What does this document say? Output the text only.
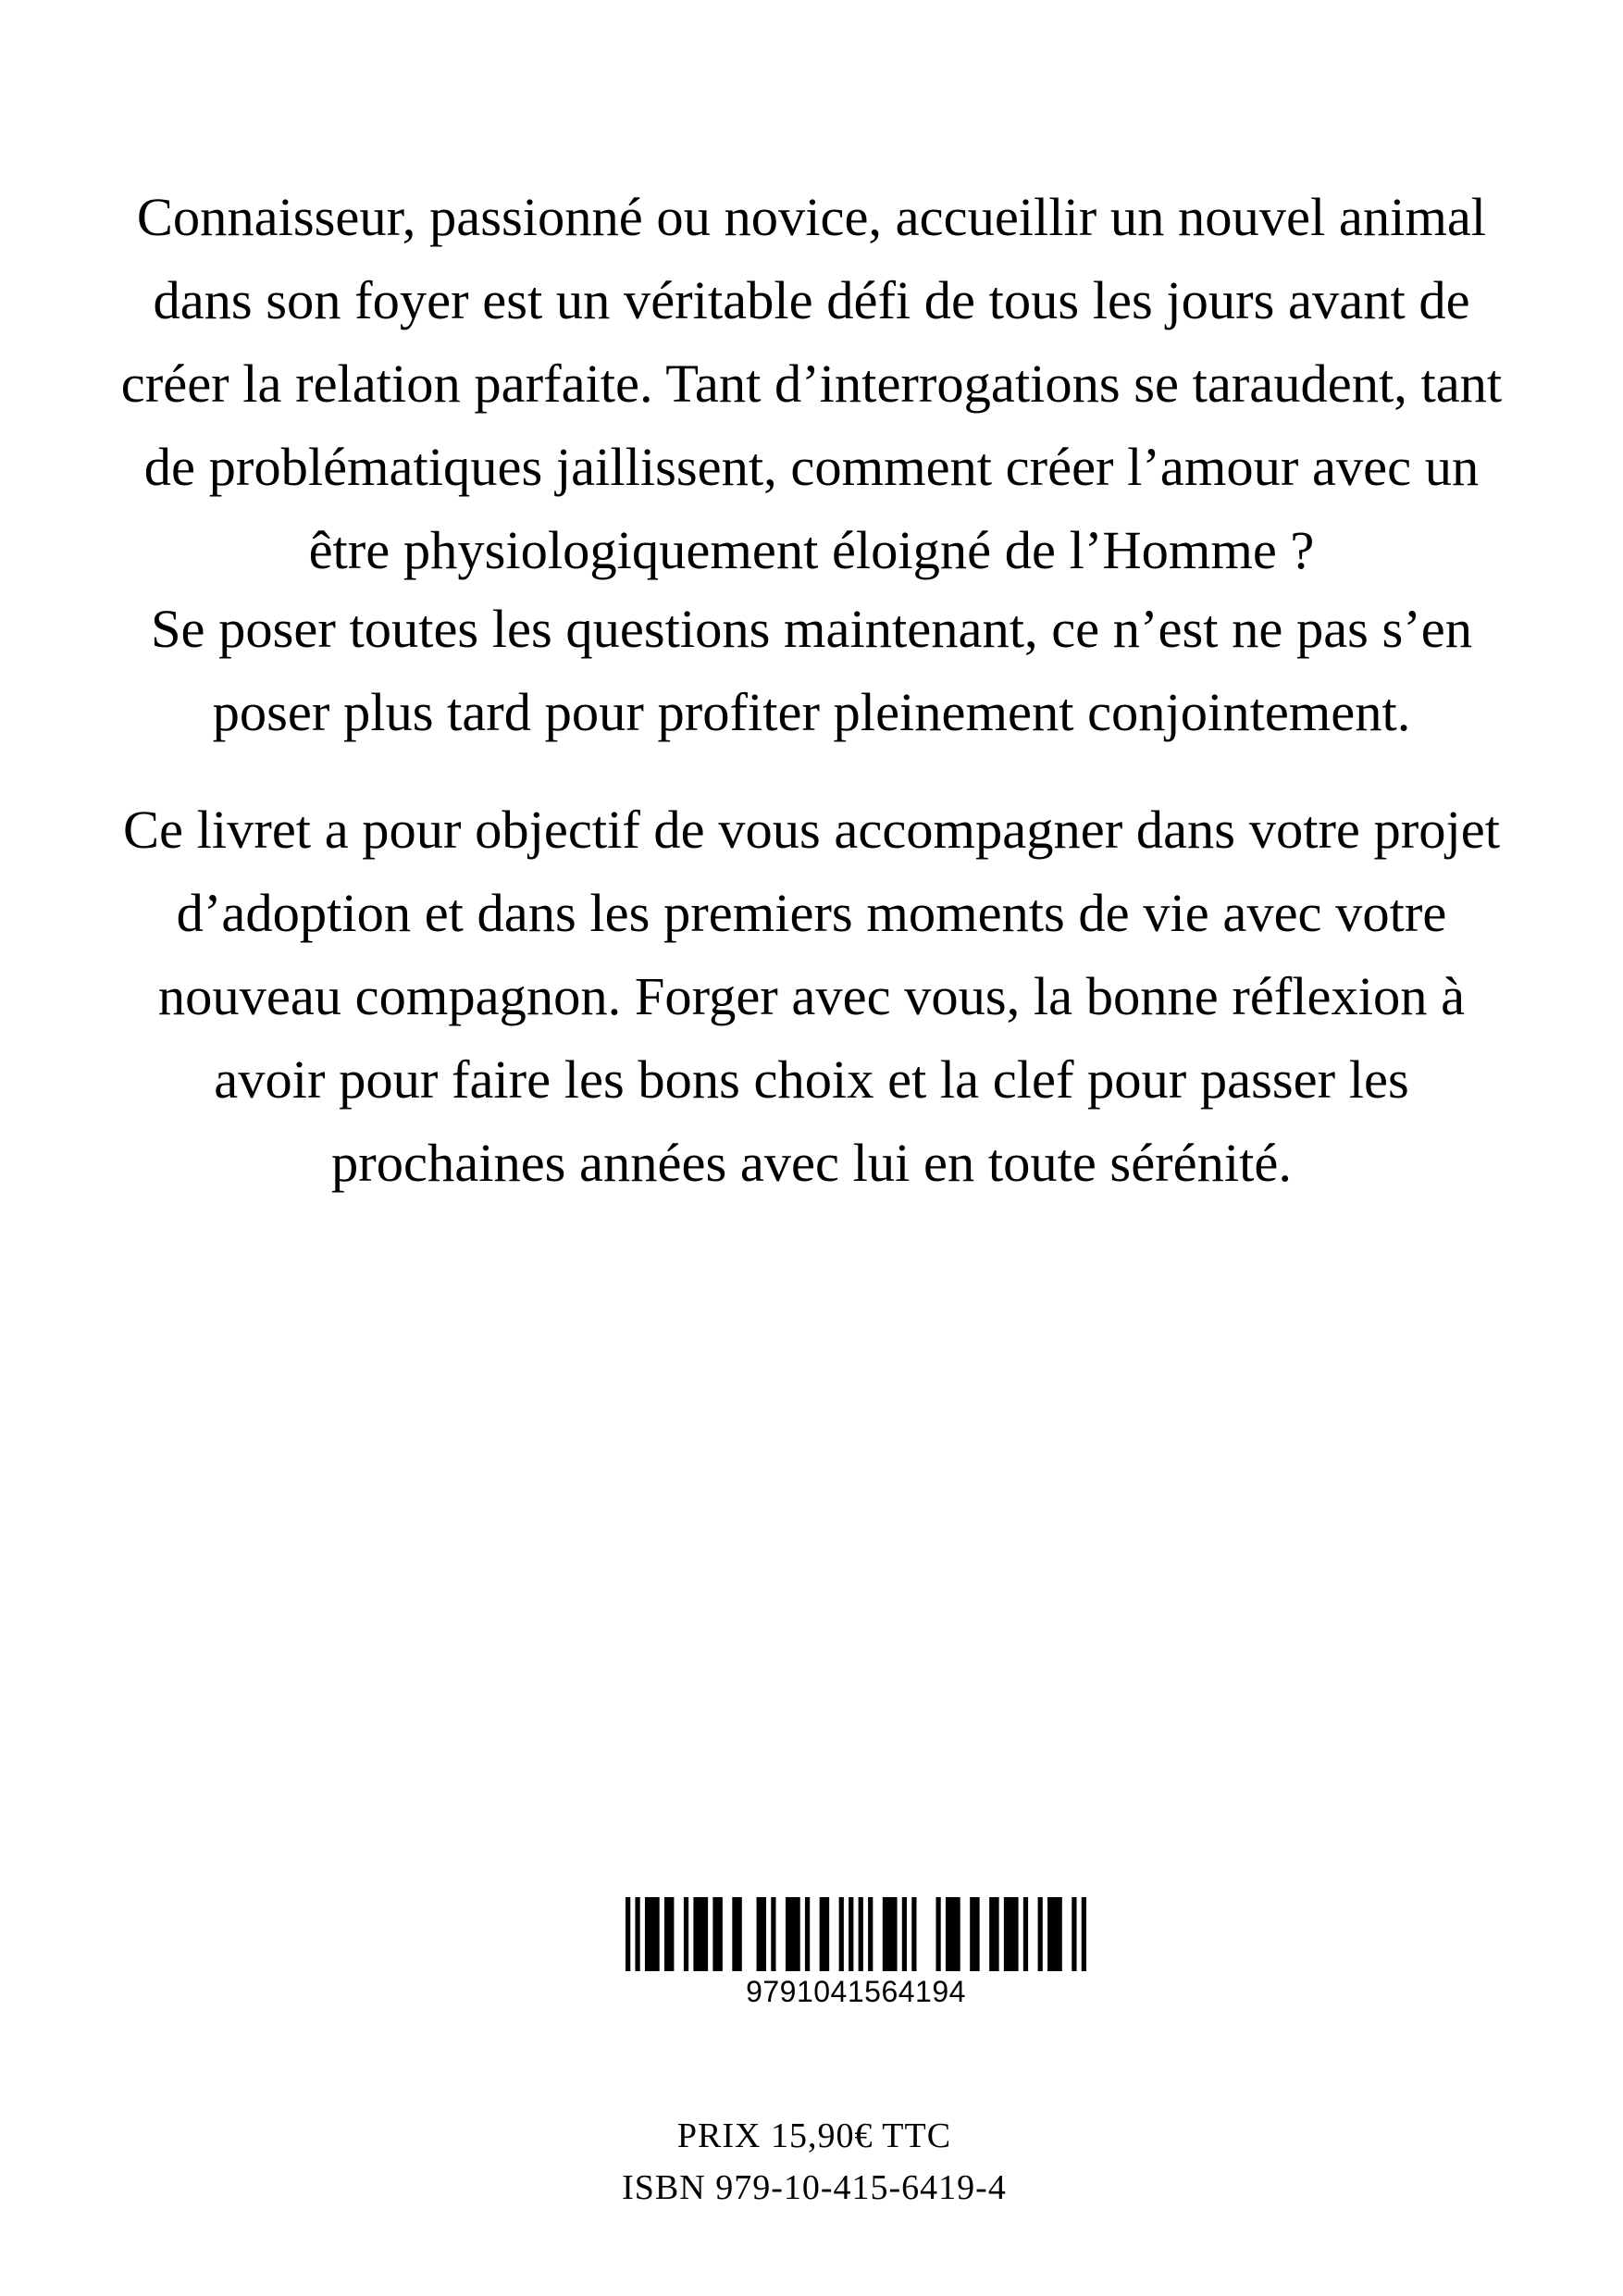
Connaisseur, passionné ou novice, accueillir un nouvel animal
dans son foyer est un véritable défi de tous les jours avant de
créer la relation parfaite. Tant d’interrogations se taraudent, tant
de problématiques jaillissent, comment créer l’amour avec un
être physiologiquement éloigné de l’Homme ?
Se poser toutes les questions maintenant, ce n’est ne pas s’en
poser plus tard pour profiter pleinement conjointement.
Ce livret a pour objectif de vous accompagner dans votre projet
d’adoption et dans les premiers moments de vie avec votre
nouveau compagnon. Forger avec vous, la bonne réflexion à
avoir pour faire les bons choix et la clef pour passer les
prochaines années avec lui en toute sérénité.
9791041564194
PRIX 15,90€ TTC
ISBN 979-10-415-6419-4
